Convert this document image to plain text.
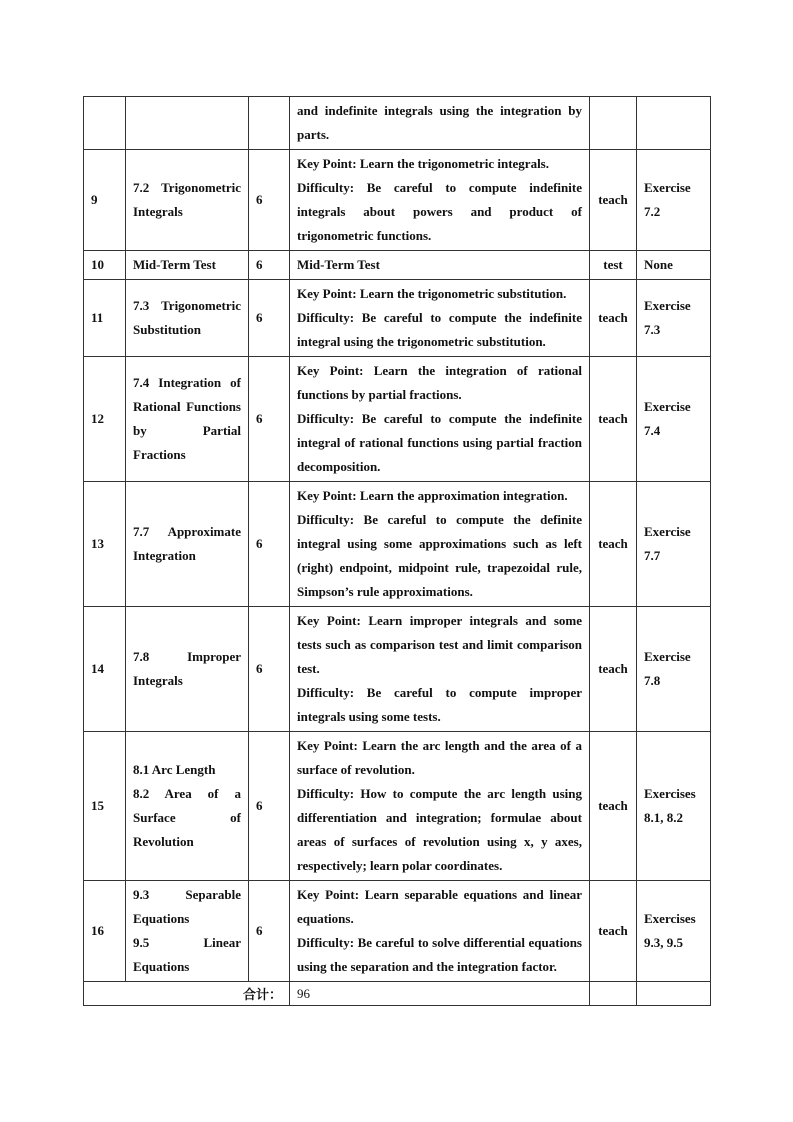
			and indefinite integrals using the integration by parts.		

9	7.2 Trigonometric Integrals	6	Key Point: Learn the trigonometric integrals.
Difficulty: Be careful to compute indefinite integrals about powers and product of trigonometric functions.	teach	Exercise 7.2

10	Mid-Term Test	6	Mid-Term Test	test	None

11	7.3 Trigonometric Substitution	6	Key Point: Learn the trigonometric substitution.
Difficulty: Be careful to compute the indefinite integral using the trigonometric substitution.	teach	Exercise 7.3

12	7.4 Integration of Rational Functions by Partial Fractions	6	Key Point: Learn the integration of rational functions by partial fractions.
Difficulty: Be careful to compute the indefinite integral of rational functions using partial fraction decomposition.	teach	Exercise 7.4

13	7.7 Approximate Integration	6	Key Point: Learn the approximation integration.
Difficulty: Be careful to compute the definite integral using some approximations such as left (right) endpoint, midpoint rule, trapezoidal rule, Simpson’s rule approximations.	teach	Exercise 7.7

14	7.8 Improper Integrals	6	Key Point: Learn improper integrals and some tests such as comparison test and limit comparison test.
Difficulty: Be careful to compute improper integrals using some tests.	teach	Exercise 7.8

15	8.1 Arc Length
8.2 Area of a Surface of Revolution	6	Key Point: Learn the arc length and the area of a surface of revolution.
Difficulty: How to compute the arc length using differentiation and integration; formulae about areas of surfaces of revolution using x, y axes, respectively; learn polar coordinates.	teach	Exercises 8.1, 8.2

16	9.3 Separable Equations
9.5 Linear Equations	6	Key Point: Learn separable equations and linear equations.
Difficulty: Be careful to solve differential equations using the separation and the integration factor.	teach	Exercises 9.3, 9.5

合计：			96		
